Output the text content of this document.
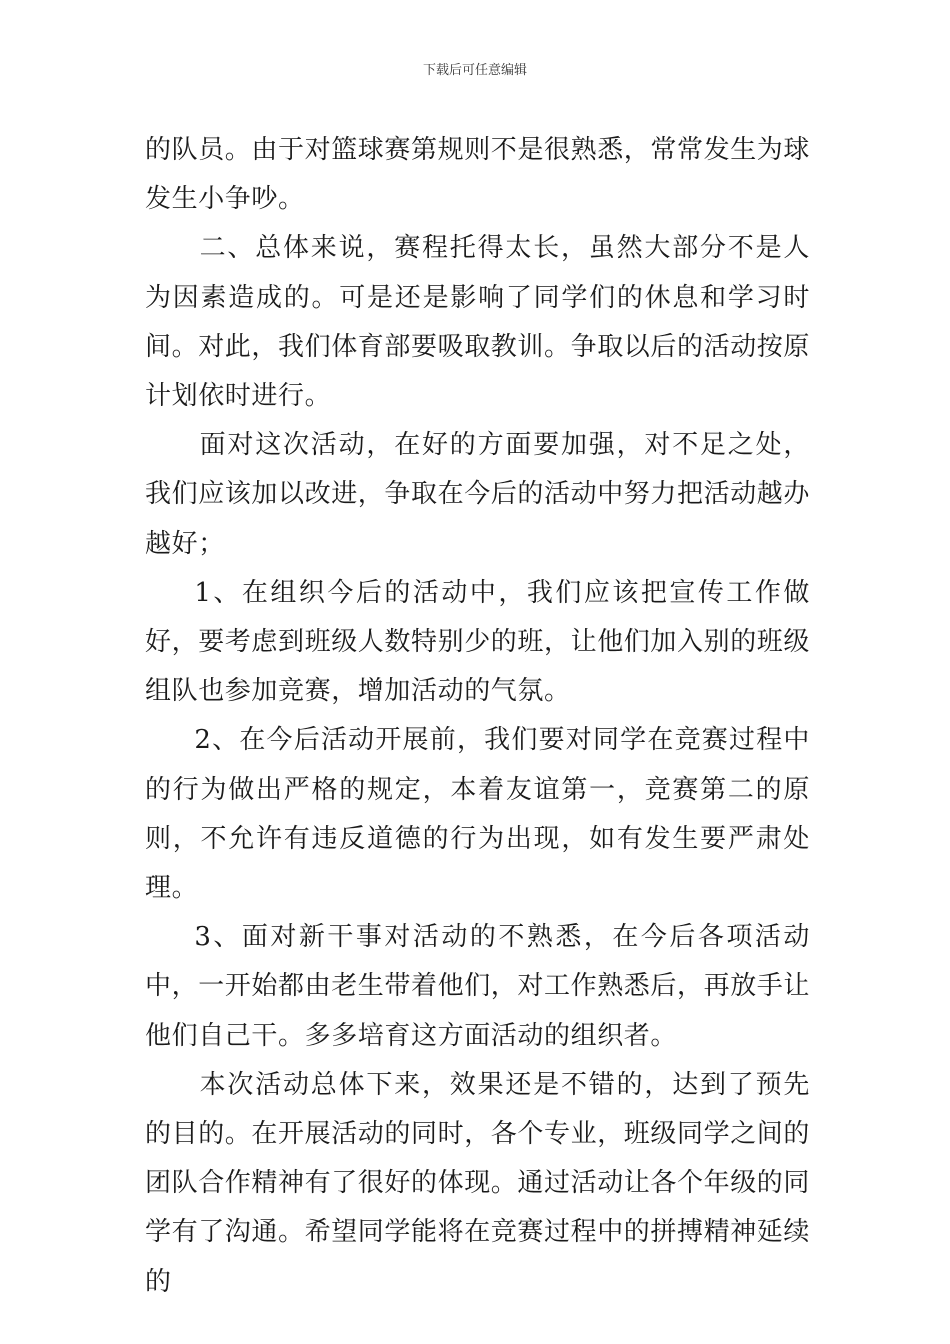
下载后可任意编辑

的队员。由于对篮球赛第规则不是很熟悉，常常发生为球发生小争吵。

二、总体来说，赛程托得太长，虽然大部分不是人为因素造成的。可是还是影响了同学们的休息和学习时间。对此，我们体育部要吸取教训。争取以后的活动按原计划依时进行。

面对这次活动，在好的方面要加强，对不足之处，我们应该加以改进，争取在今后的活动中努力把活动越办越好；

1、在组织今后的活动中，我们应该把宣传工作做好，要考虑到班级人数特别少的班，让他们加入别的班级组队也参加竞赛，增加活动的气氛。

2、在今后活动开展前，我们要对同学在竞赛过程中的行为做出严格的规定，本着友谊第一，竞赛第二的原则，不允许有违反道德的行为出现，如有发生要严肃处理。

3、面对新干事对活动的不熟悉，在今后各项活动中，一开始都由老生带着他们，对工作熟悉后，再放手让他们自己干。多多培育这方面活动的组织者。

本次活动总体下来，效果还是不错的，达到了预先的目的。在开展活动的同时，各个专业，班级同学之间的团队合作精神有了很好的体现。通过活动让各个年级的同学有了沟通。希望同学能将在竞赛过程中的拼搏精神延续的
